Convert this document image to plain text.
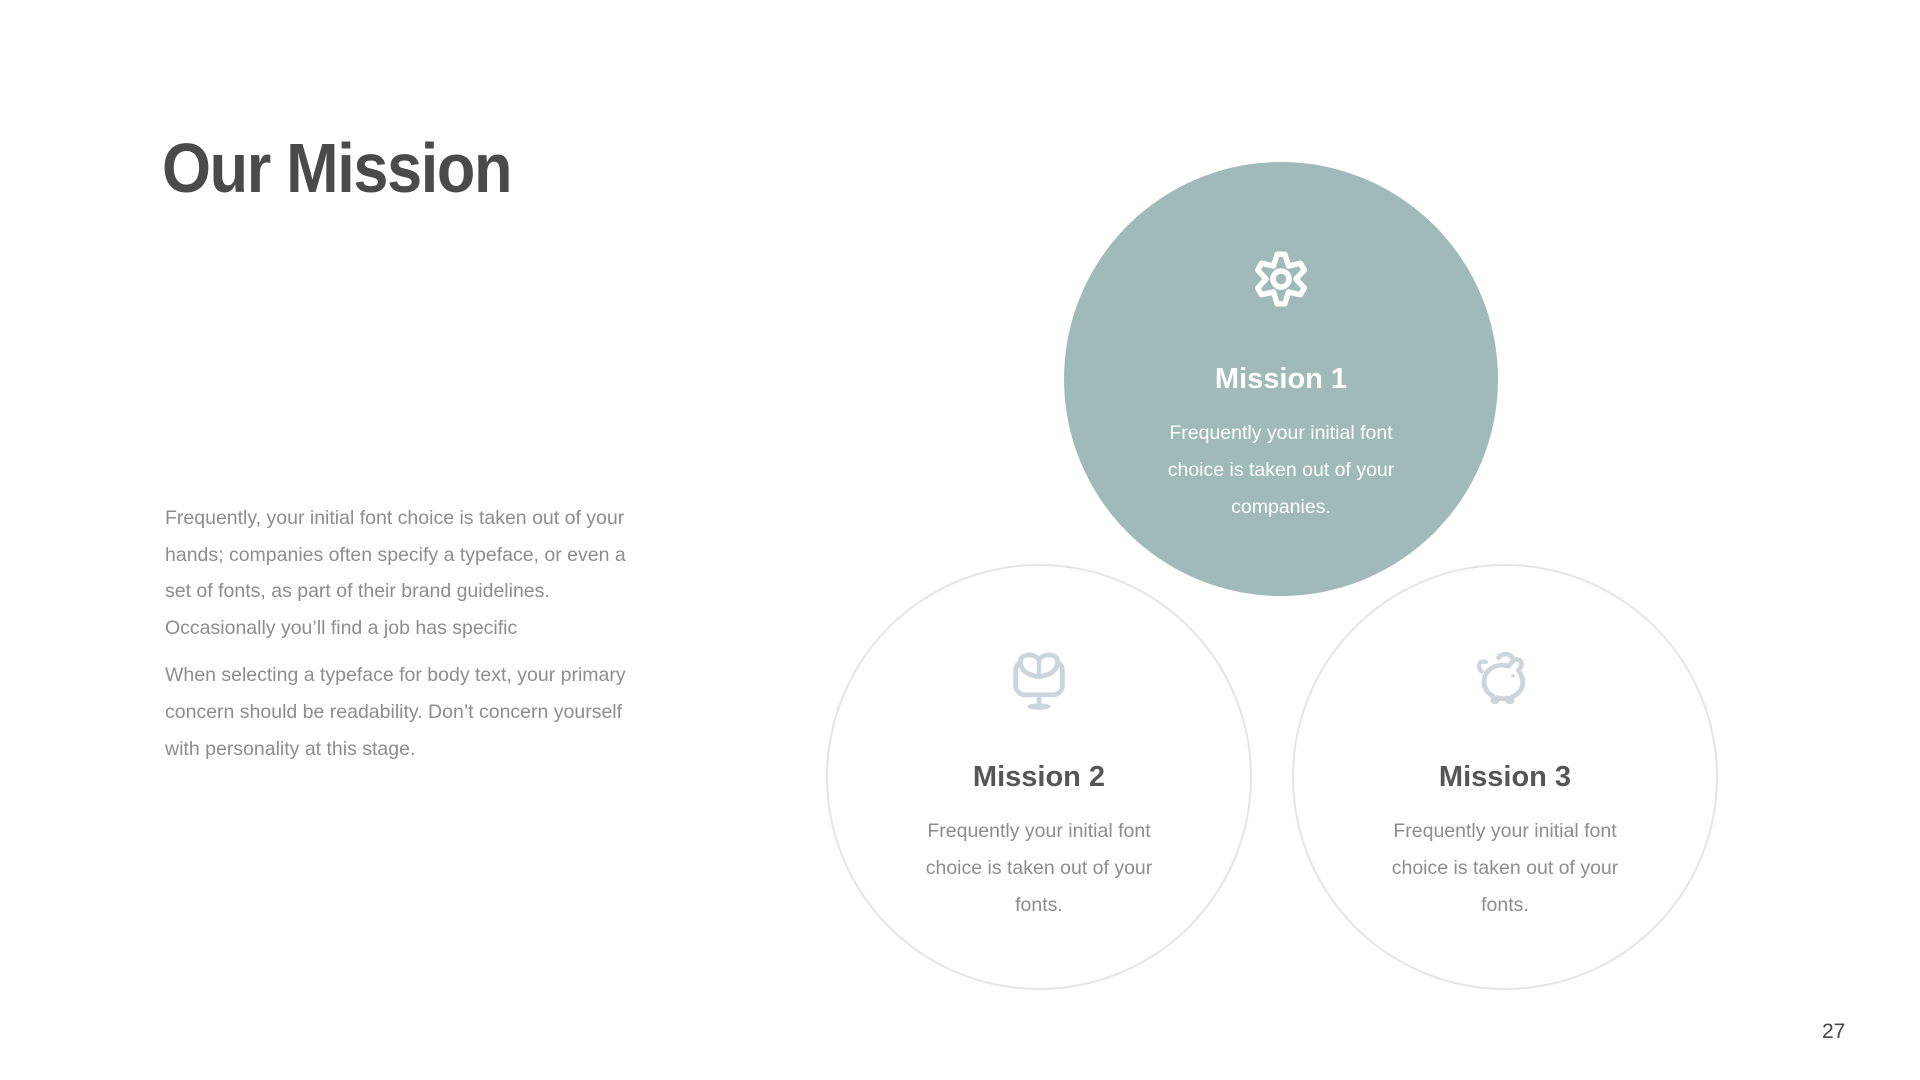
Our Mission
Frequently, your initial font choice is taken out of your
hands; companies often specify a typeface, or even a
set of fonts, as part of their brand guidelines.
Occasionally you’ll find a job has specific
When selecting a typeface for body text, your primary
concern should be readability. Don’t concern yourself
with personality at this stage.
Mission 1
Frequently your initial font
choice is taken out of your
companies.
Mission 2
Frequently your initial font
choice is taken out of your
fonts.
Mission 3
Frequently your initial font
choice is taken out of your
fonts.
27
